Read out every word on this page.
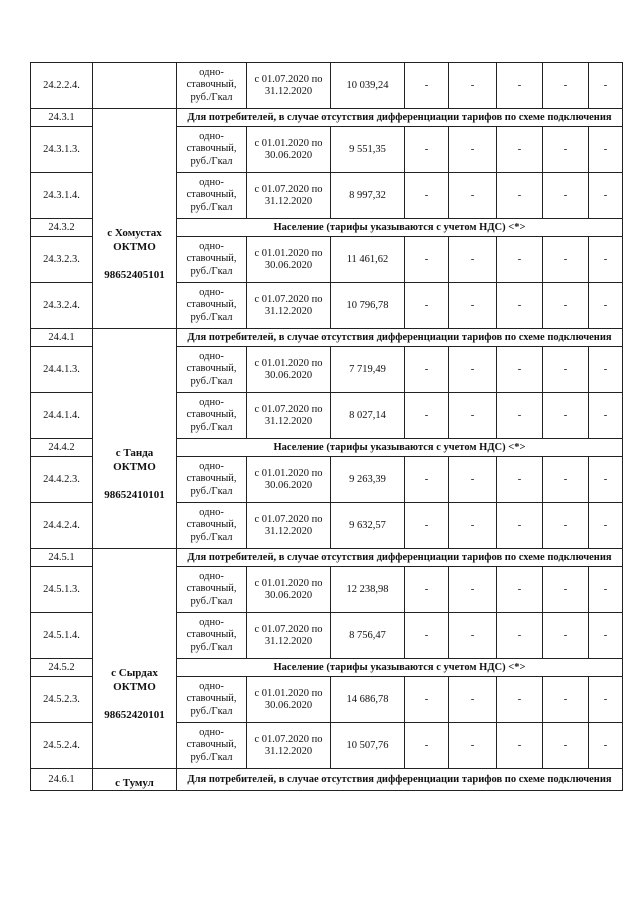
24.2.2.4.		одно-ставочный, руб./Гкал	с 01.07.2020 по 31.12.2020	10 039,24	-	-	-	-	-
24.3.1	с Хомустах
ОКТМО
98652405101	Для потребителей, в случае отсутствия дифференциации тарифов по схеме подключения							
24.3.1.3.		одно-ставочный, руб./Гкал	с 01.01.2020 по 30.06.2020	9 551,35	-	-	-	-	-
24.3.1.4.		одно-ставочный, руб./Гкал	с 01.07.2020 по 31.12.2020	8 997,32	-	-	-	-	-
24.3.2		Население (тарифы указываются с учетом НДС) <*>							
24.3.2.3.		одно-ставочный, руб./Гкал	с 01.01.2020 по 30.06.2020	11 461,62	-	-	-	-	-
24.3.2.4.		одно-ставочный, руб./Гкал	с 01.07.2020 по 31.12.2020	10 796,78	-	-	-	-	-
24.4.1	с Танда
ОКТМО
98652410101	Для потребителей, в случае отсутствия дифференциации тарифов по схеме подключения							
24.4.1.3.		одно-ставочный, руб./Гкал	с 01.01.2020 по 30.06.2020	7 719,49	-	-	-	-	-
24.4.1.4.		одно-ставочный, руб./Гкал	с 01.07.2020 по 31.12.2020	8 027,14	-	-	-	-	-
24.4.2		Население (тарифы указываются с учетом НДС) <*>							
24.4.2.3.		одно-ставочный, руб./Гкал	с 01.01.2020 по 30.06.2020	9 263,39	-	-	-	-	-
24.4.2.4.		одно-ставочный, руб./Гкал	с 01.07.2020 по 31.12.2020	9 632,57	-	-	-	-	-
24.5.1	с Сырдах
ОКТМО
98652420101	Для потребителей, в случае отсутствия дифференциации тарифов по схеме подключения							
24.5.1.3.		одно-ставочный, руб./Гкал	с 01.01.2020 по 30.06.2020	12 238,98	-	-	-	-	-
24.5.1.4.		одно-ставочный, руб./Гкал	с 01.07.2020 по 31.12.2020	8 756,47	-	-	-	-	-
24.5.2		Население (тарифы указываются с учетом НДС) <*>							
24.5.2.3.		одно-ставочный, руб./Гкал	с 01.01.2020 по 30.06.2020	14 686,78	-	-	-	-	-
24.5.2.4.		одно-ставочный, руб./Гкал	с 01.07.2020 по 31.12.2020	10 507,76	-	-	-	-	-
24.6.1	с Тумул	Для потребителей, в случае отсутствия дифференциации тарифов по схеме подключения							
